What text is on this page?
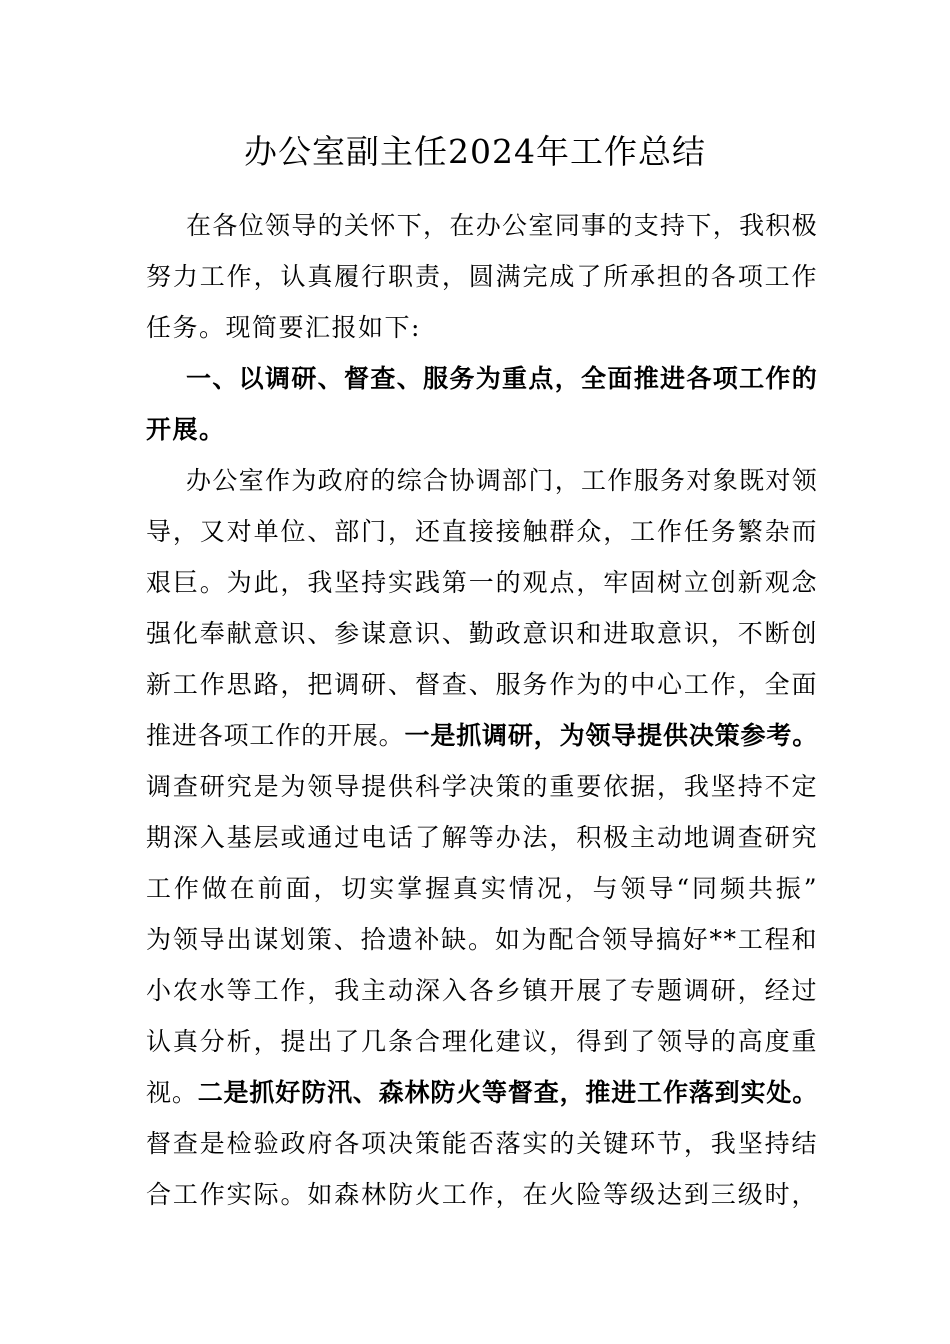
办公室副主任2024年工作总结
在各位领导的关怀下，在办公室同事的支持下，我积极
努力工作，认真履行职责，圆满完成了所承担的各项工作
任务。现简要汇报如下:
一、以调研、督查、服务为重点，全面推进各项工作的
开展。
办公室作为政府的综合协调部门，工作服务对象既对领
导，又对单位、部门，还直接接触群众，工作任务繁杂而
艰巨。为此，我坚持实践第一的观点，牢固树立创新观念
强化奉献意识、参谋意识、勤政意识和进取意识，不断创
新工作思路，把调研、督查、服务作为的中心工作，全面
推进各项工作的开展。一是抓调研，为领导提供决策参考。
调查研究是为领导提供科学决策的重要依据，我坚持不定
期深入基层或通过电话了解等办法，积极主动地调查研究
工作做在前面，切实掌握真实情况，与领导“同频共振”
为领导出谋划策、拾遗补缺。如为配合领导搞好**工程和
小农水等工作，我主动深入各乡镇开展了专题调研，经过
认真分析，提出了几条合理化建议，得到了领导的高度重
视。二是抓好防汛、森林防火等督查，推进工作落到实处。
督查是检验政府各项决策能否落实的关键环节，我坚持结
合工作实际。如森林防火工作，在火险等级达到三级时，
